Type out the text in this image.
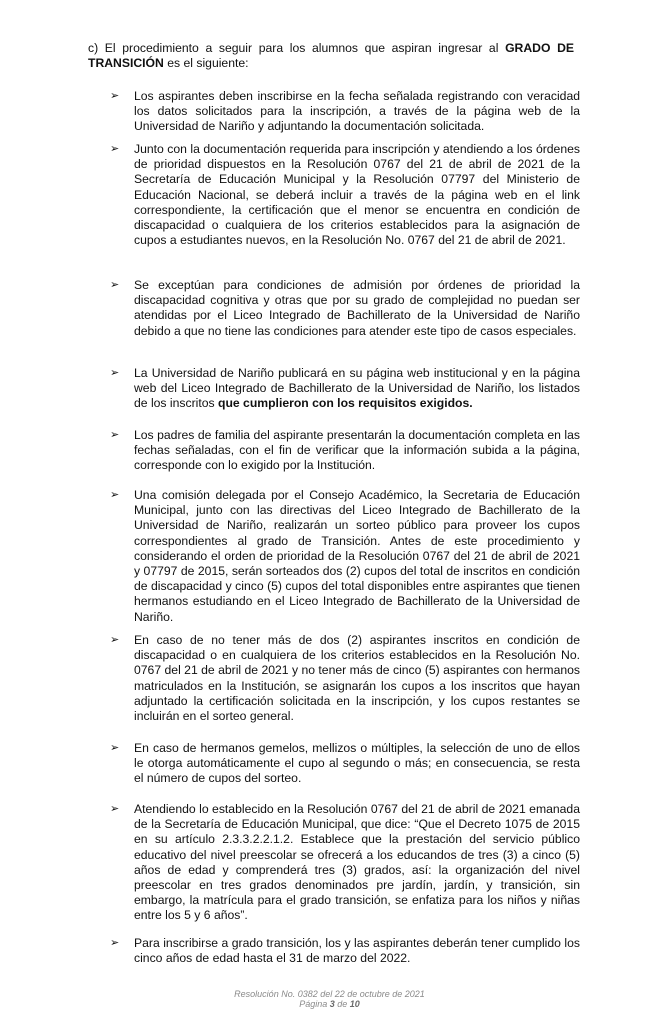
c) El procedimiento a seguir para los alumnos que aspiran ingresar al GRADO DE TRANSICIÓN es el siguiente:
➢	Los aspirantes deben inscribirse en la fecha señalada registrando con veracidad los datos solicitados para la inscripción, a través de la página web de la Universidad de Nariño y adjuntando la documentación solicitada.
➢	Junto con la documentación requerida para inscripción y atendiendo a los órdenes de prioridad dispuestos en la Resolución 0767 del 21 de abril de 2021 de la Secretaría de Educación Municipal y la Resolución 07797 del Ministerio de Educación Nacional, se deberá incluir a través de la página web en el link correspondiente, la certificación que el menor se encuentra en condición de discapacidad o cualquiera de los criterios establecidos para la asignación de cupos a estudiantes nuevos, en la Resolución No. 0767 del 21 de abril de 2021.
➢	Se exceptúan para condiciones de admisión por órdenes de prioridad la discapacidad cognitiva y otras que por su grado de complejidad no puedan ser atendidas por el Liceo Integrado de Bachillerato de la Universidad de Nariño debido a que no tiene las condiciones para atender este tipo de casos especiales.
➢	La Universidad de Nariño publicará en su página web institucional y en la página web del Liceo Integrado de Bachillerato de la Universidad de Nariño, los listados de los inscritos que cumplieron con los requisitos exigidos.
➢	Los padres de familia del aspirante presentarán la documentación completa en las fechas señaladas, con el fin de verificar que la información subida a la página, corresponde con lo exigido por la Institución.
➢	Una comisión delegada por el Consejo Académico, la Secretaria de Educación Municipal, junto con las directivas del Liceo Integrado de Bachillerato de la Universidad de Nariño, realizarán un sorteo público para proveer los cupos correspondientes al grado de Transición. Antes de este procedimiento y considerando el orden de prioridad de la Resolución 0767 del 21 de abril de 2021 y 07797 de 2015, serán sorteados dos (2) cupos del total de inscritos en condición de discapacidad y cinco (5) cupos del total disponibles entre aspirantes que tienen hermanos estudiando en el Liceo Integrado de Bachillerato de la Universidad de Nariño.
➢	En caso de no tener más de dos (2) aspirantes inscritos en condición de discapacidad o en cualquiera de los criterios establecidos en la Resolución No. 0767 del 21 de abril de 2021 y no tener más de cinco (5) aspirantes con hermanos matriculados en la Institución, se asignarán los cupos a los inscritos que hayan adjuntado la certificación solicitada en la inscripción, y los cupos restantes se incluirán en el sorteo general.
➢	En caso de hermanos gemelos, mellizos o múltiples, la selección de uno de ellos le otorga automáticamente el cupo al segundo o más; en consecuencia, se resta el número de cupos del sorteo.
➢	Atendiendo lo establecido en la Resolución 0767 del 21 de abril de 2021 emanada de la Secretaría de Educación Municipal, que dice: “Que el Decreto 1075 de 2015 en su artículo 2.3.3.2.2.1.2. Establece que la prestación del servicio público educativo del nivel preescolar se ofrecerá a los educandos de tres (3) a cinco (5) años de edad y comprenderá tres (3) grados, así: la organización del nivel preescolar en tres grados denominados pre jardín, jardín, y transición, sin embargo, la matrícula para el grado transición, se enfatiza para los niños y niñas entre los 5 y 6 años”.
➢	Para inscribirse a grado transición, los y las aspirantes deberán tener cumplido los cinco años de edad hasta el 31 de marzo del 2022.
Resolución No. 0382 del 22 de octubre de 2021
Página 3 de 10
